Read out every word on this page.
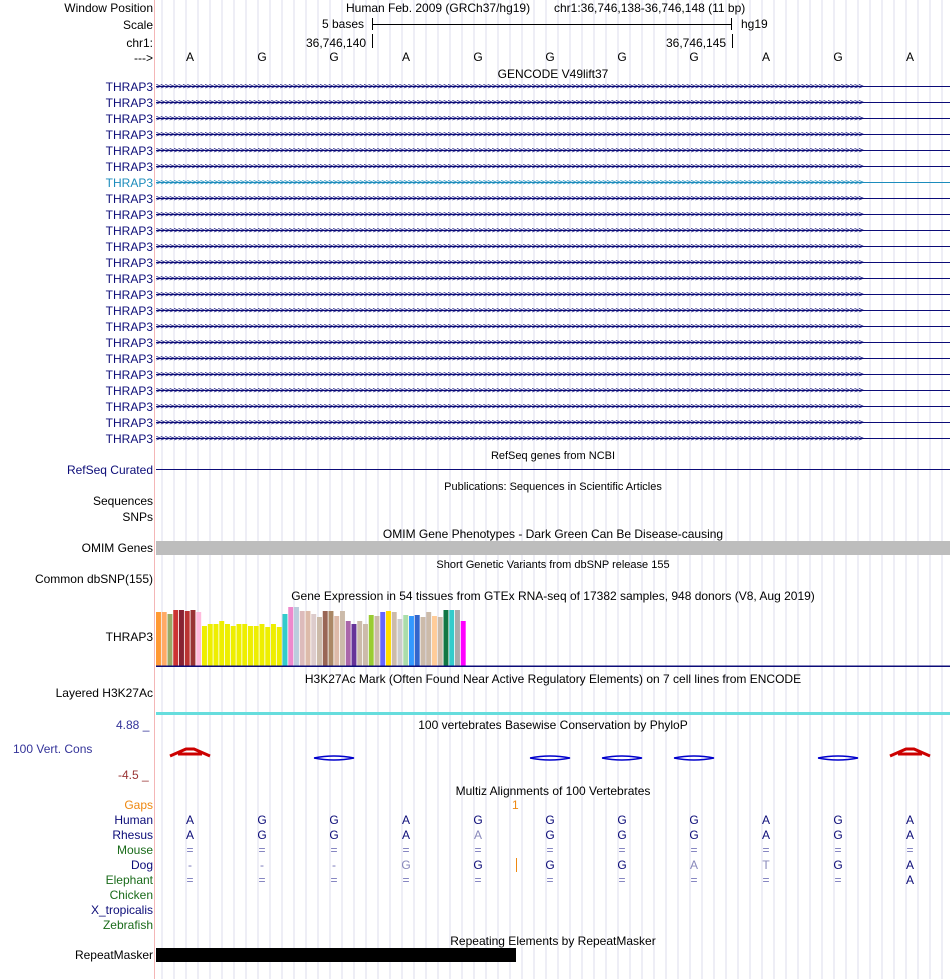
Window Position
Scale
chr1:
--->
Human Feb. 2009 (GRCh37/hg19) chr1:36,746,138-36,746,148 (11 bp)
5 bases	hg19
36,746,140	36,746,145
A	G	G	A	G	G	G	G	A	G	A
GENCODE V49lift37
THRAP3 >>>>>>>>>>>>>>>>>>>>>>>>>>>>>>>>>>>>>>>>>>>>>>>>>>>>>>>>>>>>>>>>>>>>>>>>>>>>>>>>>>>>>>>>>>>>>>>>>>>>>>>>>>>>>>>>>>>>>>>>>>>>>>>>>>>>>>>>>>>>>>>>>>>>>>>>>>>>>>>>
THRAP3 >>>>>>>>>>>>>>>>>>>>>>>>>>>>>>>>>>>>>>>>>>>>>>>>>>>>>>>>>>>>>>>>>>>>>>>>>>>>>>>>>>>>>>>>>>>>>>>>>>>>>>>>>>>>>>>>>>>>>>>>>>>>>>>>>>>>>>>>>>>>>>>>>>>>>>>>>>>>>>>>
THRAP3 >>>>>>>>>>>>>>>>>>>>>>>>>>>>>>>>>>>>>>>>>>>>>>>>>>>>>>>>>>>>>>>>>>>>>>>>>>>>>>>>>>>>>>>>>>>>>>>>>>>>>>>>>>>>>>>>>>>>>>>>>>>>>>>>>>>>>>>>>>>>>>>>>>>>>>>>>>>>>>>>
THRAP3 >>>>>>>>>>>>>>>>>>>>>>>>>>>>>>>>>>>>>>>>>>>>>>>>>>>>>>>>>>>>>>>>>>>>>>>>>>>>>>>>>>>>>>>>>>>>>>>>>>>>>>>>>>>>>>>>>>>>>>>>>>>>>>>>>>>>>>>>>>>>>>>>>>>>>>>>>>>>>>>>
THRAP3 >>>>>>>>>>>>>>>>>>>>>>>>>>>>>>>>>>>>>>>>>>>>>>>>>>>>>>>>>>>>>>>>>>>>>>>>>>>>>>>>>>>>>>>>>>>>>>>>>>>>>>>>>>>>>>>>>>>>>>>>>>>>>>>>>>>>>>>>>>>>>>>>>>>>>>>>>>>>>>>>
THRAP3 >>>>>>>>>>>>>>>>>>>>>>>>>>>>>>>>>>>>>>>>>>>>>>>>>>>>>>>>>>>>>>>>>>>>>>>>>>>>>>>>>>>>>>>>>>>>>>>>>>>>>>>>>>>>>>>>>>>>>>>>>>>>>>>>>>>>>>>>>>>>>>>>>>>>>>>>>>>>>>>>
THRAP3 >>>>>>>>>>>>>>>>>>>>>>>>>>>>>>>>>>>>>>>>>>>>>>>>>>>>>>>>>>>>>>>>>>>>>>>>>>>>>>>>>>>>>>>>>>>>>>>>>>>>>>>>>>>>>>>>>>>>>>>>>>>>>>>>>>>>>>>>>>>>>>>>>>>>>>>>>>>>>>>>
THRAP3 >>>>>>>>>>>>>>>>>>>>>>>>>>>>>>>>>>>>>>>>>>>>>>>>>>>>>>>>>>>>>>>>>>>>>>>>>>>>>>>>>>>>>>>>>>>>>>>>>>>>>>>>>>>>>>>>>>>>>>>>>>>>>>>>>>>>>>>>>>>>>>>>>>>>>>>>>>>>>>>>
THRAP3 >>>>>>>>>>>>>>>>>>>>>>>>>>>>>>>>>>>>>>>>>>>>>>>>>>>>>>>>>>>>>>>>>>>>>>>>>>>>>>>>>>>>>>>>>>>>>>>>>>>>>>>>>>>>>>>>>>>>>>>>>>>>>>>>>>>>>>>>>>>>>>>>>>>>>>>>>>>>>>>>
THRAP3 >>>>>>>>>>>>>>>>>>>>>>>>>>>>>>>>>>>>>>>>>>>>>>>>>>>>>>>>>>>>>>>>>>>>>>>>>>>>>>>>>>>>>>>>>>>>>>>>>>>>>>>>>>>>>>>>>>>>>>>>>>>>>>>>>>>>>>>>>>>>>>>>>>>>>>>>>>>>>>>>
THRAP3 >>>>>>>>>>>>>>>>>>>>>>>>>>>>>>>>>>>>>>>>>>>>>>>>>>>>>>>>>>>>>>>>>>>>>>>>>>>>>>>>>>>>>>>>>>>>>>>>>>>>>>>>>>>>>>>>>>>>>>>>>>>>>>>>>>>>>>>>>>>>>>>>>>>>>>>>>>>>>>>>
THRAP3 >>>>>>>>>>>>>>>>>>>>>>>>>>>>>>>>>>>>>>>>>>>>>>>>>>>>>>>>>>>>>>>>>>>>>>>>>>>>>>>>>>>>>>>>>>>>>>>>>>>>>>>>>>>>>>>>>>>>>>>>>>>>>>>>>>>>>>>>>>>>>>>>>>>>>>>>>>>>>>>>
THRAP3 >>>>>>>>>>>>>>>>>>>>>>>>>>>>>>>>>>>>>>>>>>>>>>>>>>>>>>>>>>>>>>>>>>>>>>>>>>>>>>>>>>>>>>>>>>>>>>>>>>>>>>>>>>>>>>>>>>>>>>>>>>>>>>>>>>>>>>>>>>>>>>>>>>>>>>>>>>>>>>>>
THRAP3 >>>>>>>>>>>>>>>>>>>>>>>>>>>>>>>>>>>>>>>>>>>>>>>>>>>>>>>>>>>>>>>>>>>>>>>>>>>>>>>>>>>>>>>>>>>>>>>>>>>>>>>>>>>>>>>>>>>>>>>>>>>>>>>>>>>>>>>>>>>>>>>>>>>>>>>>>>>>>>>>
THRAP3 >>>>>>>>>>>>>>>>>>>>>>>>>>>>>>>>>>>>>>>>>>>>>>>>>>>>>>>>>>>>>>>>>>>>>>>>>>>>>>>>>>>>>>>>>>>>>>>>>>>>>>>>>>>>>>>>>>>>>>>>>>>>>>>>>>>>>>>>>>>>>>>>>>>>>>>>>>>>>>>>
THRAP3 >>>>>>>>>>>>>>>>>>>>>>>>>>>>>>>>>>>>>>>>>>>>>>>>>>>>>>>>>>>>>>>>>>>>>>>>>>>>>>>>>>>>>>>>>>>>>>>>>>>>>>>>>>>>>>>>>>>>>>>>>>>>>>>>>>>>>>>>>>>>>>>>>>>>>>>>>>>>>>>>
THRAP3 >>>>>>>>>>>>>>>>>>>>>>>>>>>>>>>>>>>>>>>>>>>>>>>>>>>>>>>>>>>>>>>>>>>>>>>>>>>>>>>>>>>>>>>>>>>>>>>>>>>>>>>>>>>>>>>>>>>>>>>>>>>>>>>>>>>>>>>>>>>>>>>>>>>>>>>>>>>>>>>>
THRAP3 >>>>>>>>>>>>>>>>>>>>>>>>>>>>>>>>>>>>>>>>>>>>>>>>>>>>>>>>>>>>>>>>>>>>>>>>>>>>>>>>>>>>>>>>>>>>>>>>>>>>>>>>>>>>>>>>>>>>>>>>>>>>>>>>>>>>>>>>>>>>>>>>>>>>>>>>>>>>>>>>
THRAP3 >>>>>>>>>>>>>>>>>>>>>>>>>>>>>>>>>>>>>>>>>>>>>>>>>>>>>>>>>>>>>>>>>>>>>>>>>>>>>>>>>>>>>>>>>>>>>>>>>>>>>>>>>>>>>>>>>>>>>>>>>>>>>>>>>>>>>>>>>>>>>>>>>>>>>>>>>>>>>>>>
THRAP3 >>>>>>>>>>>>>>>>>>>>>>>>>>>>>>>>>>>>>>>>>>>>>>>>>>>>>>>>>>>>>>>>>>>>>>>>>>>>>>>>>>>>>>>>>>>>>>>>>>>>>>>>>>>>>>>>>>>>>>>>>>>>>>>>>>>>>>>>>>>>>>>>>>>>>>>>>>>>>>>>
THRAP3 >>>>>>>>>>>>>>>>>>>>>>>>>>>>>>>>>>>>>>>>>>>>>>>>>>>>>>>>>>>>>>>>>>>>>>>>>>>>>>>>>>>>>>>>>>>>>>>>>>>>>>>>>>>>>>>>>>>>>>>>>>>>>>>>>>>>>>>>>>>>>>>>>>>>>>>>>>>>>>>>
THRAP3 >>>>>>>>>>>>>>>>>>>>>>>>>>>>>>>>>>>>>>>>>>>>>>>>>>>>>>>>>>>>>>>>>>>>>>>>>>>>>>>>>>>>>>>>>>>>>>>>>>>>>>>>>>>>>>>>>>>>>>>>>>>>>>>>>>>>>>>>>>>>>>>>>>>>>>>>>>>>>>>>
THRAP3 >>>>>>>>>>>>>>>>>>>>>>>>>>>>>>>>>>>>>>>>>>>>>>>>>>>>>>>>>>>>>>>>>>>>>>>>>>>>>>>>>>>>>>>>>>>>>>>>>>>>>>>>>>>>>>>>>>>>>>>>>>>>>>>>>>>>>>>>>>>>>>>>>>>>>>>>>>>>>>>>
RefSeq genes from NCBI
RefSeq Curated
Publications: Sequences in Scientific Articles
Sequences
SNPs
OMIM Gene Phenotypes - Dark Green Can Be Disease-causing
OMIM Genes
Short Genetic Variants from dbSNP release 155
Common dbSNP(155)
Gene Expression in 54 tissues from GTEx RNA-seq of 17382 samples, 948 donors (V8, Aug 2019)
THRAP3
H3K27Ac Mark (Often Found Near Active Regulatory Elements) on 7 cell lines from ENCODE
Layered H3K27Ac
100 vertebrates Basewise Conservation by PhyloP
4.88 _
100 Vert. Cons
-4.5 _
Multiz Alignments of 100 Vertebrates
Gaps	1
Human	A	G	G	A	G	G	G	G	A	G	A
Rhesus	A	G	G	A	A	G	G	G	A	G	A
Mouse	=	=	=	=	=	=	=	=	=	=	=
Dog	-	-	-	G	G	G	G	A	T	G	A
Elephant	=	=	=	=	=	=	=	=	=	=	A
Chicken
X_tropicalis
Zebrafish
Repeating Elements by RepeatMasker
RepeatMasker
